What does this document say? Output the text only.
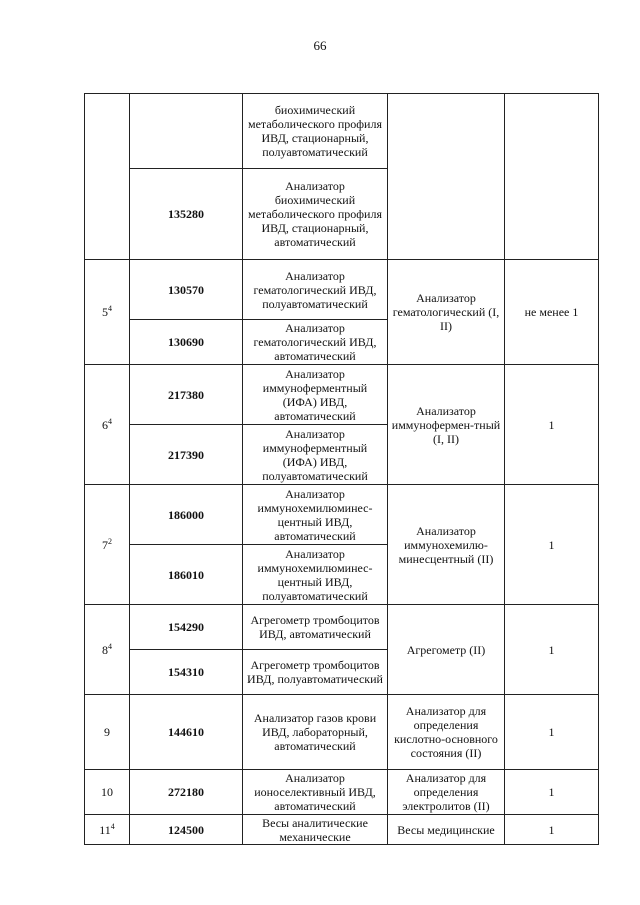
66
		биохимический метаболического профиля ИВД, стационарный, полуавтоматический		
	135280	Анализатор биохимический метаболического профиля ИВД, стационарный, автоматический		
$5^4$	130570	Анализатор гематологический ИВД, полуавтоматический	Анализатор гематологический (I, II)	не менее 1
	130690	Анализатор гематологический ИВД, автоматический		
$6^4$	217380	Анализатор иммуноферментный (ИФА) ИВД, автоматический	Анализатор иммунофермен-тный (I, II)	1
	217390	Анализатор иммуноферментный (ИФА) ИВД, полуавтоматический		
$7^2$	186000	Анализатор иммунохемилюминес-центный ИВД, автоматический	Анализатор иммунохемилю-минесцентный (II)	1
	186010	Анализатор иммунохемилюминес-центный ИВД, полуавтоматический		
$8^4$	154290	Агрегометр тромбоцитов ИВД, автоматический	Агрегометр (II)	1
	154310	Агрегометр тромбоцитов ИВД, полуавтоматический		
9	144610	Анализатор газов крови ИВД, лабораторный, автоматический	Анализатор для определения кислотно-основного состояния (II)	1
10	272180	Анализатор ионоселективный ИВД, автоматический	Анализатор для определения электролитов (II)	1
$11^4$	124500	Весы аналитические механические	Весы медицинские	1
